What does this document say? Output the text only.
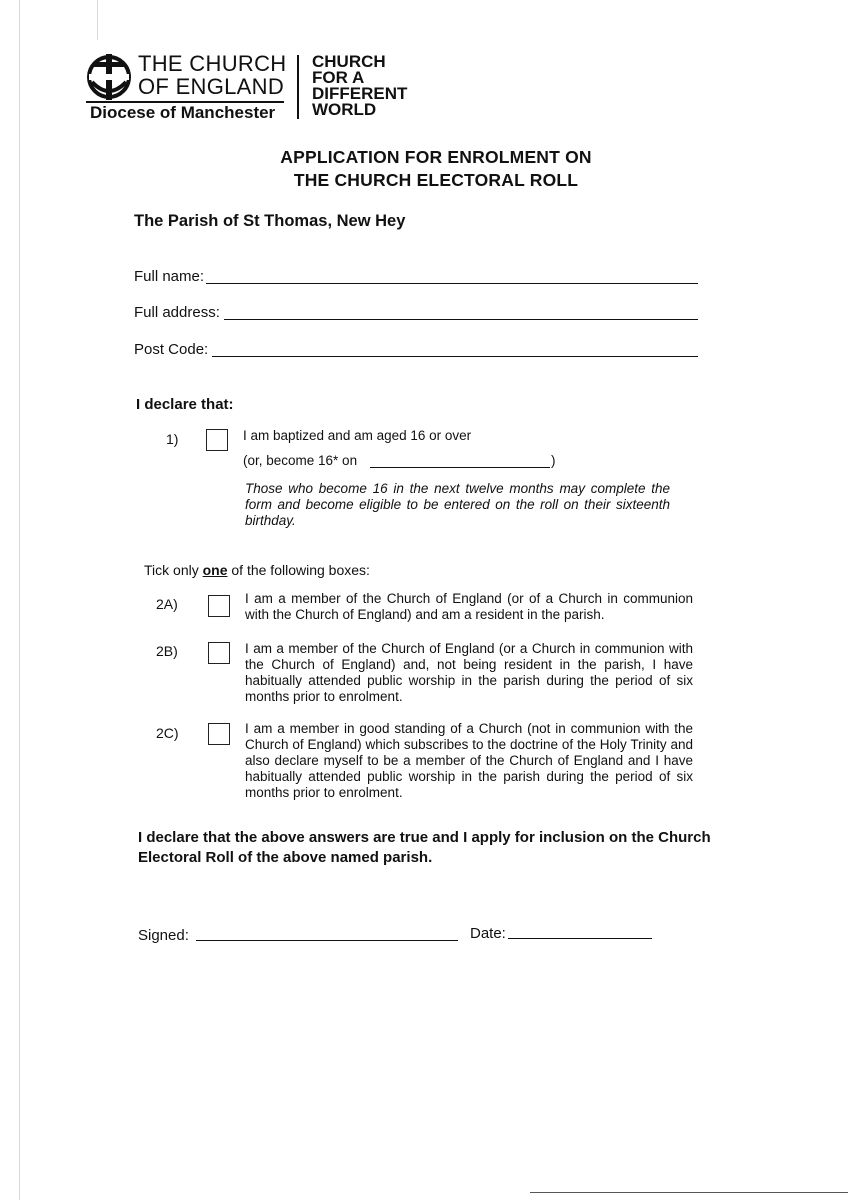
THE CHURCH
OF ENGLAND
Diocese of Manchester
CHURCH
FOR A
DIFFERENT
WORLD
APPLICATION FOR ENROLMENT ON
THE CHURCH ELECTORAL ROLL
The Parish of St Thomas, New Hey
Full name:
Full address:
Post Code:
I declare that:
1)	I am baptized and am aged 16 or over
(or, become 16* on	)
Those who become 16 in the next twelve months may complete the form and become eligible to be entered on the roll on their sixteenth birthday.
Tick only one of the following boxes:
2A)	I am a member of the Church of England (or of a Church in communion with the Church of England) and am a resident in the parish.
2B)	I am a member of the Church of England (or a Church in communion with the Church of England) and, not being resident in the parish, I have habitually attended public worship in the parish during the period of six months prior to enrolment.
2C)	I am a member in good standing of a Church (not in communion with the Church of England) which subscribes to the doctrine of the Holy Trinity and also declare myself to be a member of the Church of England and I have habitually attended public worship in the parish during the period of six months prior to enrolment.
I declare that the above answers are true and I apply for inclusion on the Church Electoral Roll of the above named parish.
Signed:	Date:
